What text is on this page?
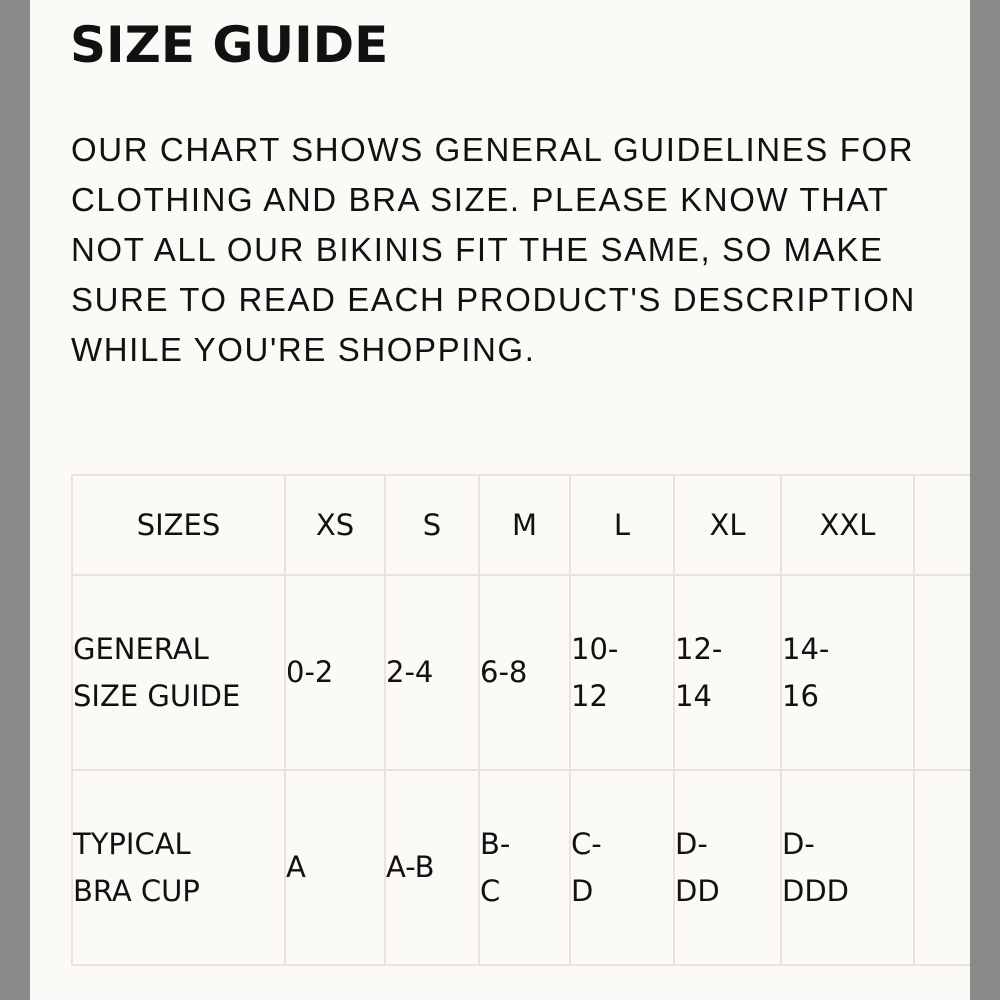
SIZE GUIDE

OUR CHART SHOWS GENERAL GUIDELINES FOR CLOTHING AND BRA SIZE. PLEASE KNOW THAT NOT ALL OUR BIKINIS FIT THE SAME, SO MAKE SURE TO READ EACH PRODUCT'S DESCRIPTION WHILE YOU'RE SHOPPING.

SIZES	XS	S	M	L	XL	XXL	

GENERAL SIZE GUIDE	0-2	2-4	6-8	10-12	12-14	14-16	

TYPICAL BRA CUP	A	A-B	B-C	C-D	D-DD	D-DDD	
